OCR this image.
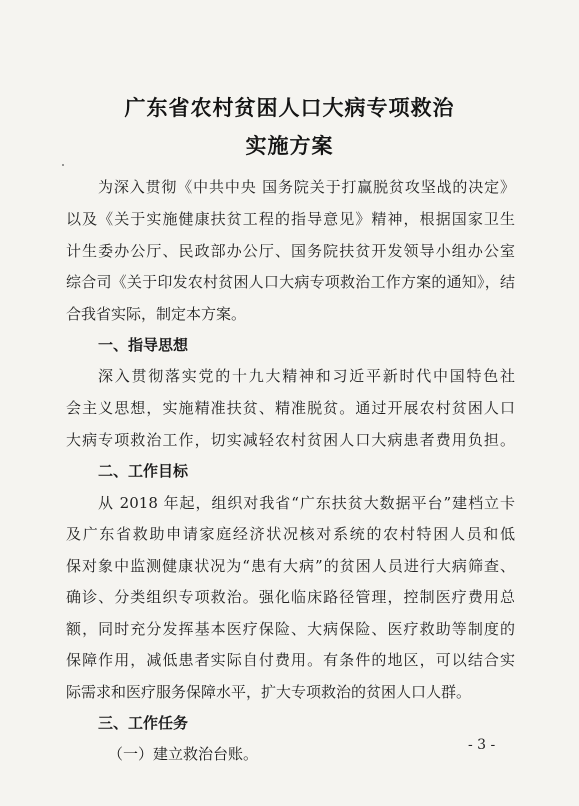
广东省农村贫困人口大病专项救治
实施方案
为深入贯彻《中共中央 国务院关于打赢脱贫攻坚战的决定》
以及《关于实施健康扶贫工程的指导意见》精神，根据国家卫生
计生委办公厅、民政部办公厅、国务院扶贫开发领导小组办公室
综合司《关于印发农村贫困人口大病专项救治工作方案的通知》，结
合我省实际，制定本方案。
一、指导思想
深入贯彻落实党的十九大精神和习近平新时代中国特色社
会主义思想，实施精准扶贫、精准脱贫。通过开展农村贫困人口
大病专项救治工作，切实减轻农村贫困人口大病患者费用负担。
二、工作目标
从 2018 年起，组织对我省“广东扶贫大数据平台”建档立卡
及广东省救助申请家庭经济状况核对系统的农村特困人员和低
保对象中监测健康状况为“患有大病”的贫困人员进行大病筛查、
确诊、分类组织专项救治。强化临床路径管理，控制医疗费用总
额，同时充分发挥基本医疗保险、大病保险、医疗救助等制度的
保障作用，减低患者实际自付费用。有条件的地区，可以结合实
际需求和医疗服务保障水平，扩大专项救治的贫困人口人群。
三、工作任务
（一）建立救治台账。	- 3 -
